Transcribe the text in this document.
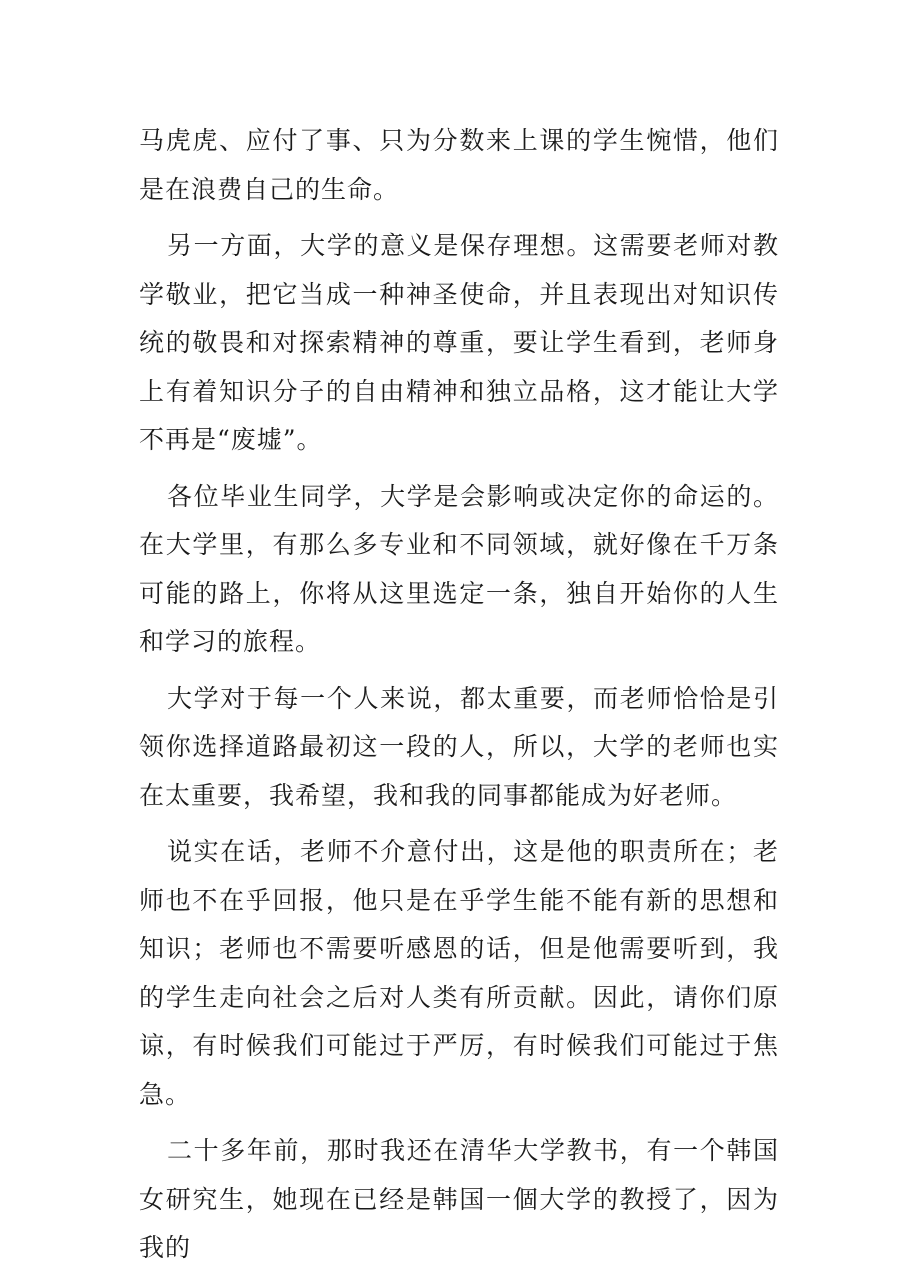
马虎虎、应付了事、只为分数来上课的学生惋惜，他们是在浪费自己的生命。

另一方面，大学的意义是保存理想。这需要老师对教学敬业，把它当成一种神圣使命，并且表现出对知识传统的敬畏和对探索精神的尊重，要让学生看到，老师身上有着知识分子的自由精神和独立品格，这才能让大学不再是“废墟”。

各位毕业生同学，大学是会影响或决定你的命运的。在大学里，有那么多专业和不同领域，就好像在千万条可能的路上，你将从这里选定一条，独自开始你的人生和学习的旅程。

大学对于每一个人来说，都太重要，而老师恰恰是引领你选择道路最初这一段的人，所以，大学的老师也实在太重要，我希望，我和我的同事都能成为好老师。

说实在话，老师不介意付出，这是他的职责所在；老师也不在乎回报，他只是在乎学生能不能有新的思想和知识；老师也不需要听感恩的话，但是他需要听到，我的学生走向社会之后对人类有所贡献。因此，请你们原谅，有时候我们可能过于严厉，有时候我们可能过于焦急。

二十多年前，那时我还在清华大学教书，有一个韩国女研究生，她现在已经是韩国一個大学的教授了，因为我的
